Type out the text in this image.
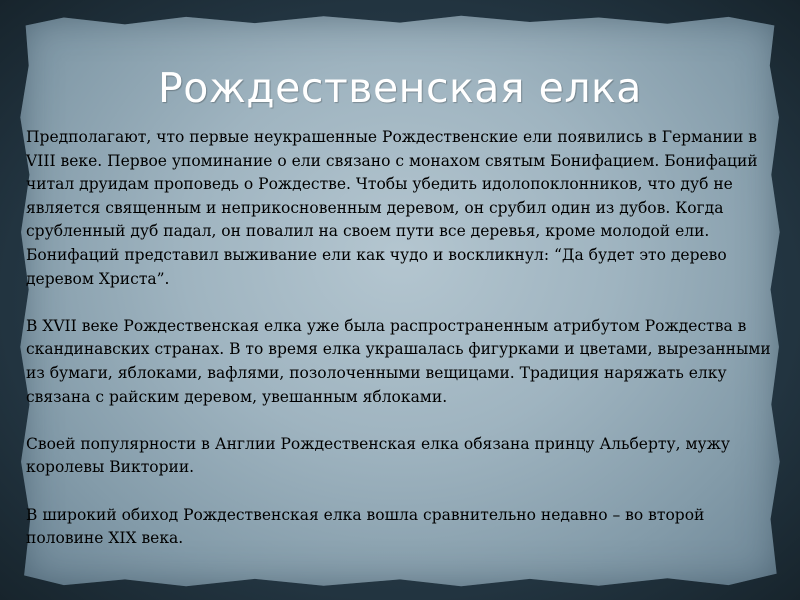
Рождественская елка

Предполагают, что первые неукрашенные Рождественские ели появились в Германии в VIII веке. Первое упоминание о ели связано с монахом святым Бонифацием. Бонифаций читал друидам проповедь о Рождестве. Чтобы убедить идолопоклонников, что дуб не является священным и неприкосновенным деревом, он срубил один из дубов. Когда срубленный дуб падал, он повалил на своем пути все деревья, кроме молодой ели. Бонифаций представил выживание ели как чудо и воскликнул: “Да будет это дерево деревом Христа”.

В XVII веке Рождественская елка уже была распространенным атрибутом Рождества в скандинавских странах. В то время елка украшалась фигурками и цветами, вырезанными из бумаги, яблоками, вафлями, позолоченными вещицами. Традиция наряжать елку связана с райским деревом, увешанным яблоками.

Своей популярности в Англии Рождественская елка обязана принцу Альберту, мужу королевы Виктории.

В широкий обиход Рождественская елка вошла сравнительно недавно – во второй половине XIX века.
